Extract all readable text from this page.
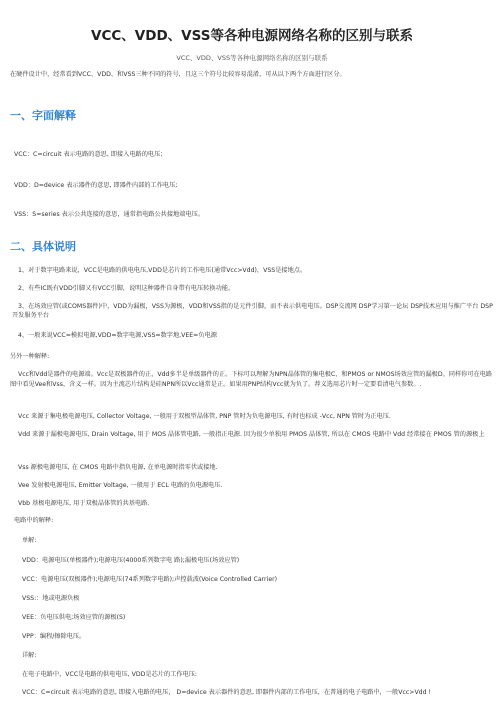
VCC、VDD、VSS等各种电源网络名称的区别与联系
VCC、VDD、VSS等各种电源网络名称的区别与联系
在硬件设计中，经常看到VCC、VDD、和VSS三种不同的符号，且这三个符号比较容易混淆，可从以下两个方面进行区分。
一、字面解释
VCC：C=circuit 表示电路的意思, 即接入电路的电压；
VDD：D=device 表示器件的意思, 即器件内部的工作电压;
VSS：S=series 表示公共连接的意思，通常指电路公共接地端电压。
二、具体说明
1、对于数字电路来说，VCC是电路的供电电压,VDD是芯片的工作电压(通常Vcc>Vdd)，VSS是接地点。
2、有些IC既有VDD引脚又有VCC引脚，说明这种器件自身带有电压转换功能。
3、在场效应管(或COMS器件)中，VDD为漏极，VSS为源极，VDD和VSS指的是元件引脚，而不表示供电电压。DSP交流网 DSP学习第一论坛 DSP技术应用与推广平台 DSP开发服务平台
4、一般来说VCC=模拟电源,VDD=数字电源,VSS=数字地,VEE=负电源
另外一种解释:
Vcc和Vdd是器件的电源端。Vcc是双极器件的正，Vdd多半是单级器件的正。下标可以理解为NPN晶体管的集电极C，和PMOS or NMOS场效应管的漏极D。同样你可在电路图中看见Vee和Vss，含义一样。因为主流芯片结构是硅NPN所以Vcc通常是正。如果用PNP结构Vcc就为负了。荐义选用芯片时一定要看清电气参数。.
Vcc 来源于集电极电源电压, Collector Voltage, 一般用于双极型晶体管, PNP 管时为负电源电压, 有时也标成 -Vcc, NPN 管时为正电压.
Vdd 来源于漏极电源电压, Drain Voltage, 用于 MOS 晶体管电路, 一般指正电源. 因为很少单独用 PMOS 晶体管, 所以在 CMOS 电路中 Vdd 经常接在 PMOS 管的源极上
Vss 源极电源电压, 在 CMOS 电路中指负电源, 在单电源时指零伏或接地.
Vee 发射极电源电压, Emitter Voltage, 一般用于 ECL 电路的负电源电压.
Vbb 基极电源电压, 用于双极晶体管的共基电路.
电路中的解释:
单解:
VDD：电源电压(单极器件);电源电压(4000系列数字电 路);漏极电压(场效应管)
VCC：电源电压(双极器件);电源电压(74系列数字电路);声控载波(Voice Controlled Carrier)
VSS:：地或电源负极
VEE：负电压供电;场效应管的源极(S)
VPP：编程/擦除电压。
详解:
在电子电路中，VCC是电路的供电电压, VDD是芯片的工作电压:
VCC：C=circuit 表示电路的意思, 即接入电路的电压， D=device 表示器件的意思, 即器件内部的工作电压，在普通的电子电路中，一般Vcc>Vdd !
